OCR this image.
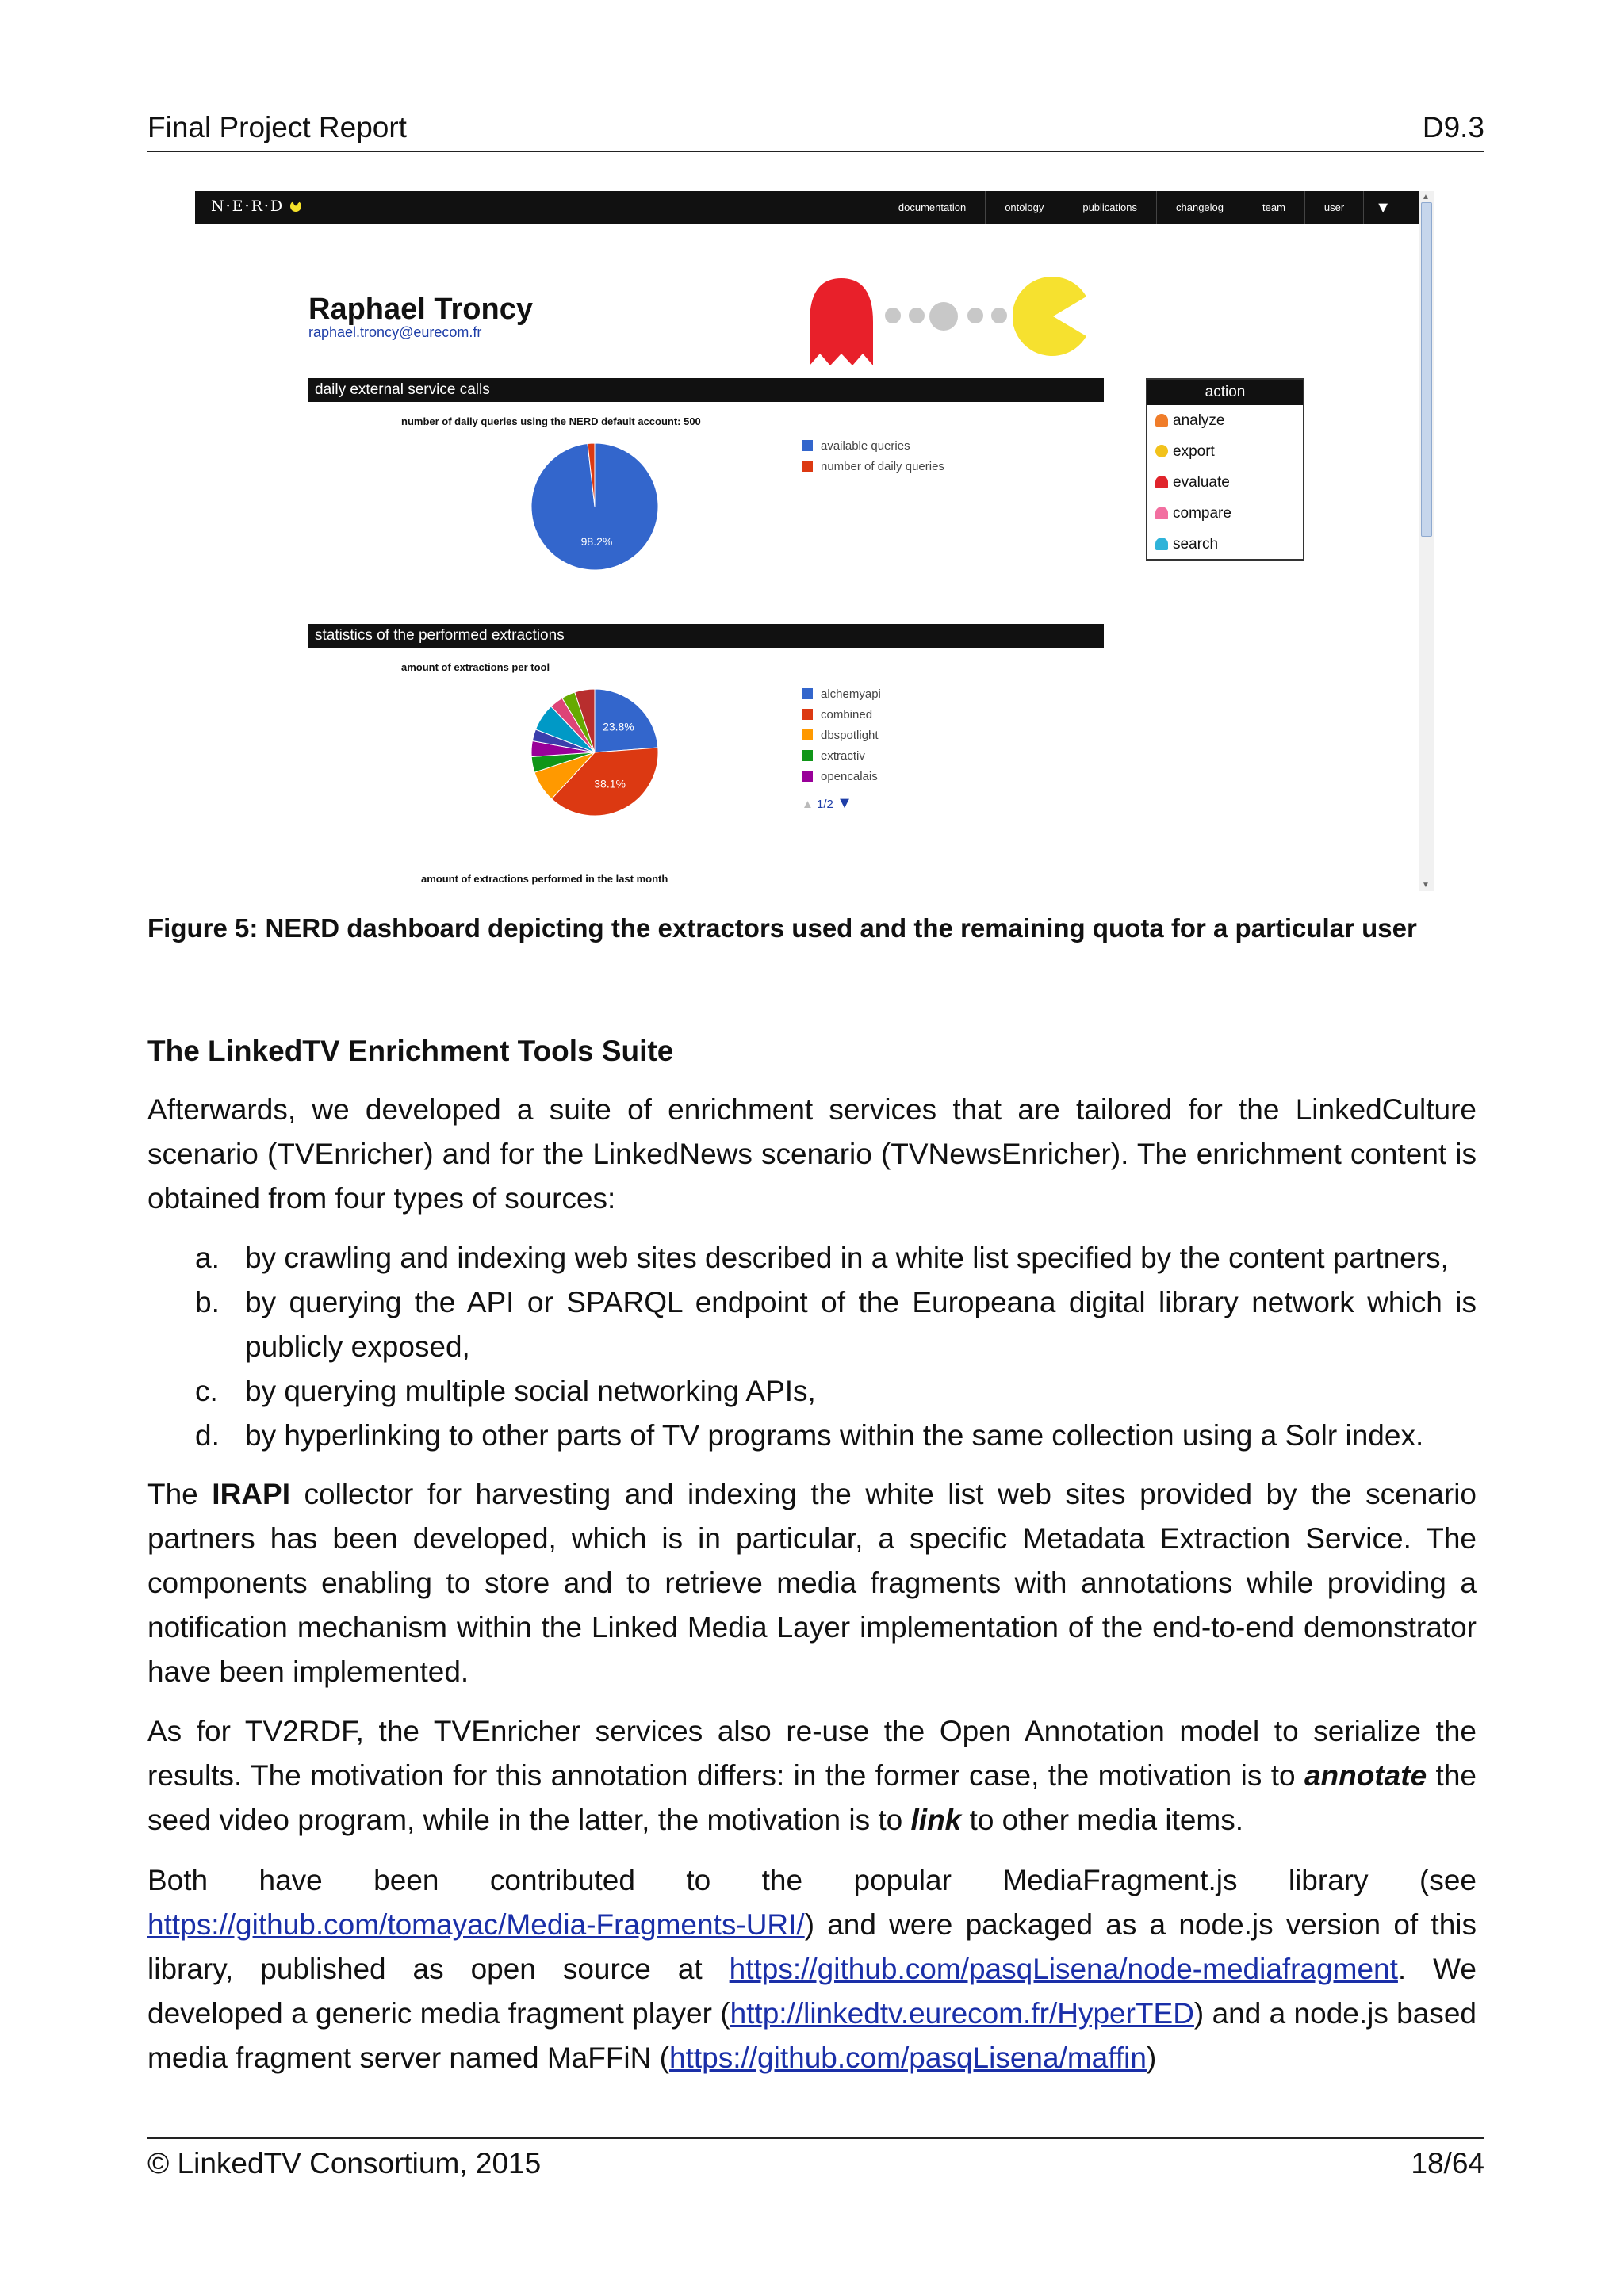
Final Project Report	D9.3
N·E·R·D	documentation	ontology	publications	changelog	team	user	▼
▲
▼
Raphael Troncy
raphael.troncy@eurecom.fr
daily external service calls
number of daily queries using the NERD default account: 500
98.2%
available queries
number of daily queries
action
analyze
export
evaluate
compare
search
statistics of the performed extractions
amount of extractions per tool
23.8%
38.1%
alchemyapi
combined
dbspotlight
extractiv
opencalais
▲ 1/2 ▼
amount of extractions performed in the last month
Figure 5: NERD dashboard depicting the extractors used and the remaining quota for a particular user
The LinkedTV Enrichment Tools Suite
Afterwards, we developed a suite of enrichment services that are tailored for the LinkedCulture scenario (TVEnricher) and for the LinkedNews scenario (TVNewsEnricher). The enrichment content is obtained from four types of sources:
a. by crawling and indexing web sites described in a white list specified by the content partners,
b. by querying the API or SPARQL endpoint of the Europeana digital library network which is publicly exposed,
c. by querying multiple social networking APIs,
d. by hyperlinking to other parts of TV programs within the same collection using a Solr index.
The IRAPI collector for harvesting and indexing the white list web sites provided by the scenario partners has been developed, which is in particular, a specific Metadata Extraction Service. The components enabling to store and to retrieve media fragments with annotations while providing a notification mechanism within the Linked Media Layer implementation of the end-to-end demonstrator have been implemented.
As for TV2RDF, the TVEnricher services also re-use the Open Annotation model to serialize the results. The motivation for this annotation differs: in the former case, the motivation is to annotate the seed video program, while in the latter, the motivation is to link to other media items.
Both have been contributed to the popular MediaFragment.js library (see
https://github.com/tomayac/Media-Fragments-URI/) and were packaged as a node.js version of this library, published as open source at https://github.com/pasqLisena/node-mediafragment. We developed a generic media fragment player (http://linkedtv.eurecom.fr/HyperTED) and a node.js based media fragment server named MaFFiN (https://github.com/pasqLisena/maffin)
© LinkedTV Consortium, 2015	18/64
